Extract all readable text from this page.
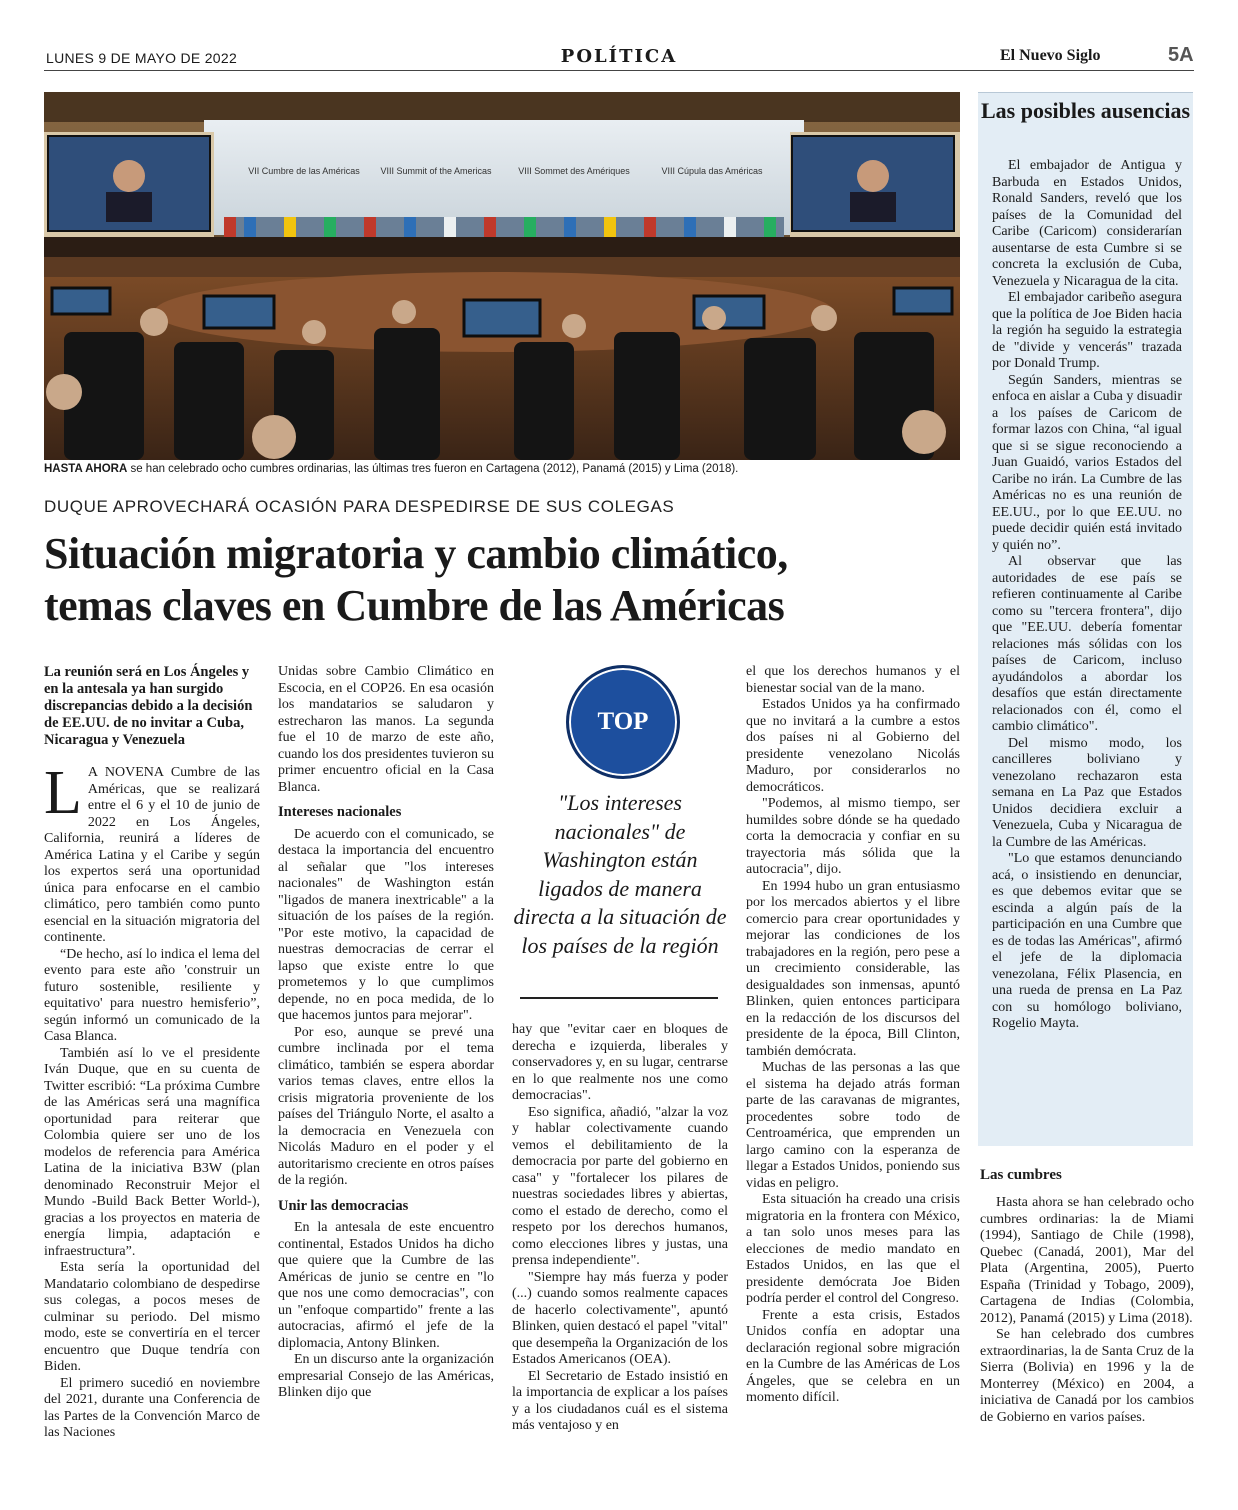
LUNES 9 DE MAYO DE 2022	POLÍTICA	El Nuevo Siglo	5A
VII Cumbre de las Américas VIII Summit of the Americas	VIII Sommet des Amériques	VIII Cúpula das Américas
HASTA AHORA se han celebrado ocho cumbres ordinarias, las últimas tres fueron en Cartagena (2012), Panamá (2015) y Lima (2018).
DUQUE APROVECHARÁ OCASIÓN PARA DESPEDIRSE DE SUS COLEGAS
Situación migratoria y cambio climático,
temas claves en Cumbre de las Américas
La reunión será en Los Ángeles y en la antesala ya han surgido discrepancias debido a la decisión de EE.UU. de no invitar a Cuba, Nicaragua y Venezuela

L A NOVENA Cumbre de las Américas, que se realizará entre el 6 y el 10 de junio de 2022 en Los Ángeles, California, reunirá a líderes de América Latina y el Caribe y según los expertos será una oportunidad única para enfocarse en el cambio climático, pero también como punto esencial en la situación migratoria del continente.

“De hecho, así lo indica el lema del evento para este año 'construir un futuro sostenible, resiliente y equitativo' para nuestro hemisferio”, según informó un comunicado de la Casa Blanca.

También así lo ve el presidente Iván Duque, que en su cuenta de Twitter escribió: “La próxima Cumbre de las Américas será una magnífica oportunidad para reiterar que Colombia quiere ser uno de los modelos de referencia para América Latina de la iniciativa B3W (plan denominado Reconstruir Mejor el Mundo -Build Back Better World-), gracias a los proyectos en materia de energía limpia, adaptación e infraestructura”.

Esta sería la oportunidad del Mandatario colombiano de despedirse sus colegas, a pocos meses de culminar su periodo. Del mismo modo, este se convertiría en el tercer encuentro que Duque tendría con Biden.

El primero sucedió en noviembre del 2021, durante una Conferencia de las Partes de la Convención Marco de las Naciones

Unidas sobre Cambio Climático en Escocia, en el COP26. En esa ocasión los mandatarios se saludaron y estrecharon las manos. La segunda fue el 10 de marzo de este año, cuando los dos presidentes tuvieron su primer encuentro oficial en la Casa Blanca.

Intereses nacionales

De acuerdo con el comunicado, se destaca la importancia del encuentro al señalar que "los intereses nacionales" de Washington están "ligados de manera inextricable" a la situación de los países de la región. "Por este motivo, la capacidad de nuestras democracias de cerrar el lapso que existe entre lo que prometemos y lo que cumplimos depende, no en poca medida, de lo que hacemos juntos para mejorar".

Por eso, aunque se prevé una cumbre inclinada por el tema climático, también se espera abordar varios temas claves, entre ellos la crisis migratoria proveniente de los países del Triángulo Norte, el asalto a la democracia en Venezuela con Nicolás Maduro en el poder y el autoritarismo creciente en otros países de la región.

Unir las democracias

En la antesala de este encuentro continental, Estados Unidos ha dicho que quiere que la Cumbre de las Américas de junio se centre en "lo que nos une como democracias", con un "enfoque compartido" frente a las autocracias, afirmó el jefe de la diplomacia, Antony Blinken.

En un discurso ante la organización empresarial Consejo de las Américas, Blinken dijo que

TOP
"Los intereses nacionales" de Washington están ligados de manera directa a la situación de los países de la región

hay que "evitar caer en bloques de derecha e izquierda, liberales y conservadores y, en su lugar, centrarse en lo que realmente nos une como democracias".

Eso significa, añadió, "alzar la voz y hablar colectivamente cuando vemos el debilitamiento de la democracia por parte del gobierno en casa" y "fortalecer los pilares de nuestras sociedades libres y abiertas, como el estado de derecho, como el respeto por los derechos humanos, como elecciones libres y justas, una prensa independiente".

"Siempre hay más fuerza y poder (...) cuando somos realmente capaces de hacerlo colectivamente", apuntó Blinken, quien destacó el papel "vital" que desempeña la Organización de los Estados Americanos (OEA).

El Secretario de Estado insistió en la importancia de explicar a los países y a los ciudadanos cuál es el sistema más ventajoso y en

el que los derechos humanos y el bienestar social van de la mano.

Estados Unidos ya ha confirmado que no invitará a la cumbre a estos dos países ni al Gobierno del presidente venezolano Nicolás Maduro, por considerarlos no democráticos.

"Podemos, al mismo tiempo, ser humildes sobre dónde se ha quedado corta la democracia y confiar en su trayectoria más sólida que la autocracia", dijo.

En 1994 hubo un gran entusiasmo por los mercados abiertos y el libre comercio para crear oportunidades y mejorar las condiciones de los trabajadores en la región, pero pese a un crecimiento considerable, las desigualdades son inmensas, apuntó Blinken, quien entonces participara en la redacción de los discursos del presidente de la época, Bill Clinton, también demócrata.

Muchas de las personas a las que el sistema ha dejado atrás forman parte de las caravanas de migrantes, procedentes sobre todo de Centroamérica, que emprenden un largo camino con la esperanza de llegar a Estados Unidos, poniendo sus vidas en peligro.

Esta situación ha creado una crisis migratoria en la frontera con México, a tan solo unos meses para las elecciones de medio mandato en Estados Unidos, en las que el presidente demócrata Joe Biden podría perder el control del Congreso.

Frente a esta crisis, Estados Unidos confía en adoptar una declaración regional sobre migración en la Cumbre de las Américas de Los Ángeles, que se celebra en un momento difícil.

Las posibles ausencias

El embajador de Antigua y Barbuda en Estados Unidos, Ronald Sanders, reveló que los países de la Comunidad del Caribe (Caricom) considerarían ausentarse de esta Cumbre si se concreta la exclusión de Cuba, Venezuela y Nicaragua de la cita.

El embajador caribeño asegura que la política de Joe Biden hacia la región ha seguido la estrategia de "divide y vencerás" trazada por Donald Trump.

Según Sanders, mientras se enfoca en aislar a Cuba y disuadir a los países de Caricom de formar lazos con China, “al igual que si se sigue reconociendo a Juan Guaidó, varios Estados del Caribe no irán. La Cumbre de las Américas no es una reunión de EE.UU., por lo que EE.UU. no puede decidir quién está invitado y quién no”.

Al observar que las autoridades de ese país se refieren continuamente al Caribe como su "tercera frontera", dijo que "EE.UU. debería fomentar relaciones más sólidas con los países de Caricom, incluso ayudándolos a abordar los desafíos que están directamente relacionados con él, como el cambio climático".

Del mismo modo, los cancilleres boliviano y venezolano rechazaron esta semana en La Paz que Estados Unidos decidiera excluir a Venezuela, Cuba y Nicaragua de la Cumbre de las Américas.

"Lo que estamos denunciando acá, o insistiendo en denunciar, es que debemos evitar que se escinda a algún país de la participación en una Cumbre que es de todas las Américas", afirmó el jefe de la diplomacia venezolana, Félix Plasencia, en una rueda de prensa en La Paz con su homólogo boliviano, Rogelio Mayta.

Las cumbres

Hasta ahora se han celebrado ocho cumbres ordinarias: la de Miami (1994), Santiago de Chile (1998), Quebec (Canadá, 2001), Mar del Plata (Argentina, 2005), Puerto España (Trinidad y Tobago, 2009), Cartagena de Indias (Colombia, 2012), Panamá (2015) y Lima (2018).

Se han celebrado dos cumbres extraordinarias, la de Santa Cruz de la Sierra (Bolivia) en 1996 y la de Monterrey (México) en 2004, a iniciativa de Canadá por los cambios de Gobierno en varios países.
